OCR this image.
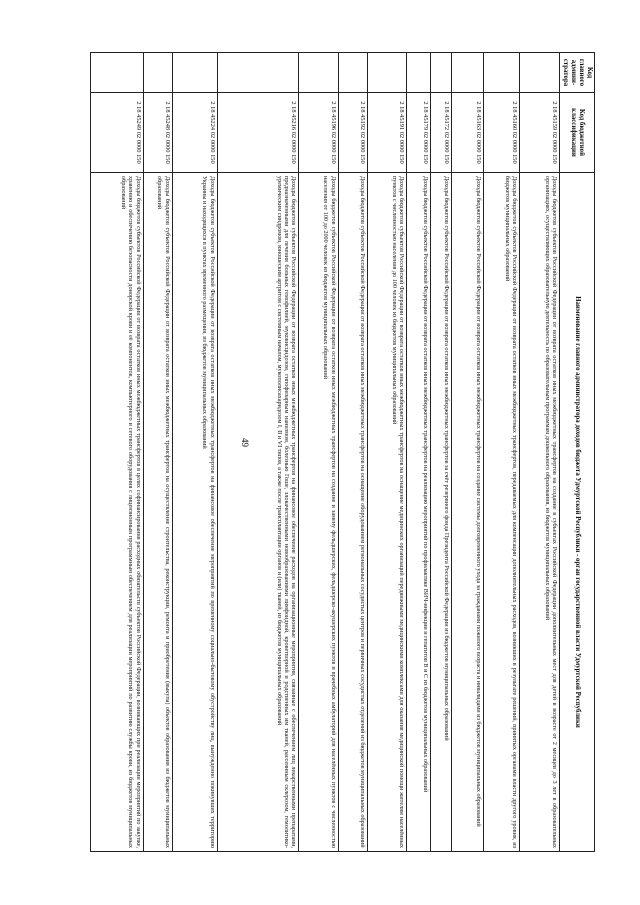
49
Код главного админи-стратора	Код бюджетной классификации	Наименование главного администратора доходов бюджета Удмуртской Республики - орган государственной власти Удмуртской Республики
	2 18 45159 02 0000 150	Доходы бюджетов субъектов Российской Федерации от возврата остатков иных межбюджетных трансфертов на создание в субъектах Российской Федерации дополнительных мест для детей в возрасте от 2 месяцев до 3 лет в образовательных организациях, осуществляющих образовательную деятельность по образовательным программам дошкольного образования, из бюджетов муниципальных образований
	2 18 45160 02 0000 150	Доходы бюджетов субъектов Российской Федерации от возврата остатков иных межбюджетных трансфертов, передаваемых для компенсации дополнительных расходов, возникших в результате решений, принятых органами власти другого уровня, из бюджетов муниципальных образований
	2 18 45163 02 0000 150	Доходы бюджетов субъектов Российской Федерации от возврата остатков иных межбюджетных трансфертов на создание системы долговременного ухода за гражданами пожилого возраста и инвалидами из бюджетов муниципальных образований
	2 18 45172 02 0000 150	Доходы бюджетов субъектов Российской Федерации от возврата остатков иных межбюджетных трансфертов за счёт резервного фонда Президента Российской Федерации из бюджетов муниципальных образований
	2 18 45179 02 0000 150	Доходы бюджетов субъектов Российской Федерации от возврата остатков иных межбюджетных трансфертов на реализацию мероприятий по профилактике ВИЧ-инфекции и гепатитов В и С из бюджетов муниципальных образований
	2 18 45191 02 0000 150	Доходы бюджетов субъектов Российской Федерации от возврата остатков иных межбюджетных трансфертов на оснащение медицинских организаций передвижными медицинскими комплексами для оказания медицинской помощи жителям населённых пунктов с численностью населения до 100 человек из бюджетов муниципальных образований
	2 18 45192 02 0000 150	Доходы бюджетов субъектов Российской Федерации от возврата остатков иных межбюджетных трансфертов на оснащение оборудованием региональных сосудистых центров и первичных сосудистых отделений из бюджетов муниципальных образований
	2 18 45196 02 0000 150	Доходы бюджетов субъектов Российской Федерации от возврата остатков иных межбюджетных трансфертов на создание и замену фельдшерских, фельдшерско-акушерских пунктов и врачебных амбулаторий для населённых пунктов с численностью населения от 100 до 2000 человек из бюджетов муниципальных образований
	2 18 45216 02 0000 150	Доходы бюджетов субъектов Российской Федерации от возврата остатков иных межбюджетных трансфертов на финансовое обеспечение расходов на организационные мероприятия, связанные с обеспечением лиц лекарственными препаратами, предназначенными для лечения больных гемофилией, муковисцидозом, гипофизарным нанизмом, болезнью Гоше, злокачественными новообразованиями лимфоидной, кроветворной и родственных им тканей, рассеянным склерозом, гемолитико-уремическим синдромом, юношеским артритом с системным началом, мукополисахаридозом I, II и VI типов, а также после трансплантации органов и (или) тканей, из бюджетов муниципальных образований
	2 18 45224 02 0000 150	Доходы бюджетов субъектов Российской Федерации от возврата остатков иных межбюджетных трансфертов на финансовое обеспечение мероприятий по временному социально-бытовому обустройству лиц, вынужденно покинувших территорию Украины и находящихся в пунктах временного размещения, из бюджетов муниципальных образований
	2 18 45248 02 0000 150	Доходы бюджетов субъектов Российской Федерации от возврата остатков иных межбюджетных трансфертов на осуществление строительства, реконструкции, ремонта и приобретения (выкупа) объектов образования из бюджетов муниципальных образований
	2 18 45249 02 0000 150	Доходы бюджетов субъектов Российской Федерации от возврата остатков иных межбюджетных трансфертов в целях софинансирования расходных обязательств субъектов Российской Федерации, возникающих при реализации мероприятий по закупке, хранению и обеспечению безопасности донорской крови и её компонентов, компьютерного и сетевого оборудования с лицензионным программным обеспечением для реализации мероприятий по развитию службы крови, из бюджетов муниципальных образований
